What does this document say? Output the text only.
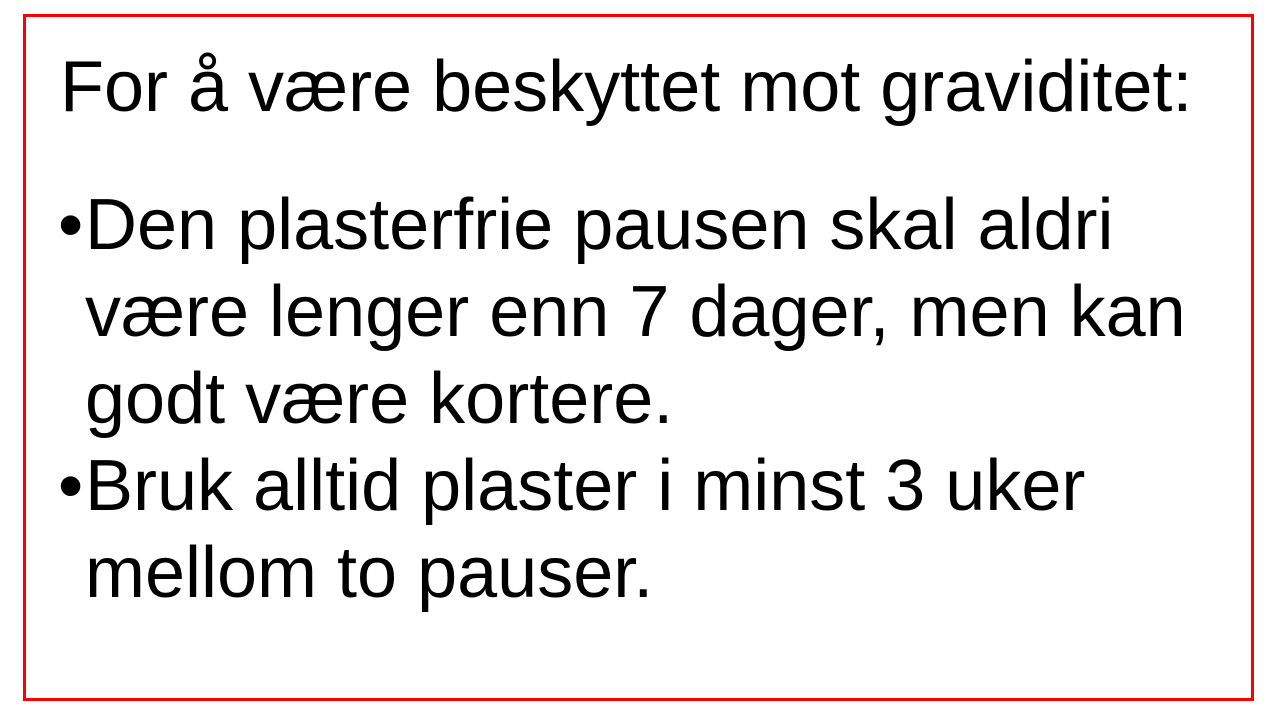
For å være beskyttet mot graviditet:
• Den plasterfrie pausen skal aldri
være lenger enn 7 dager, men kan
godt være kortere.
• Bruk alltid plaster i minst 3 uker
mellom to pauser.
